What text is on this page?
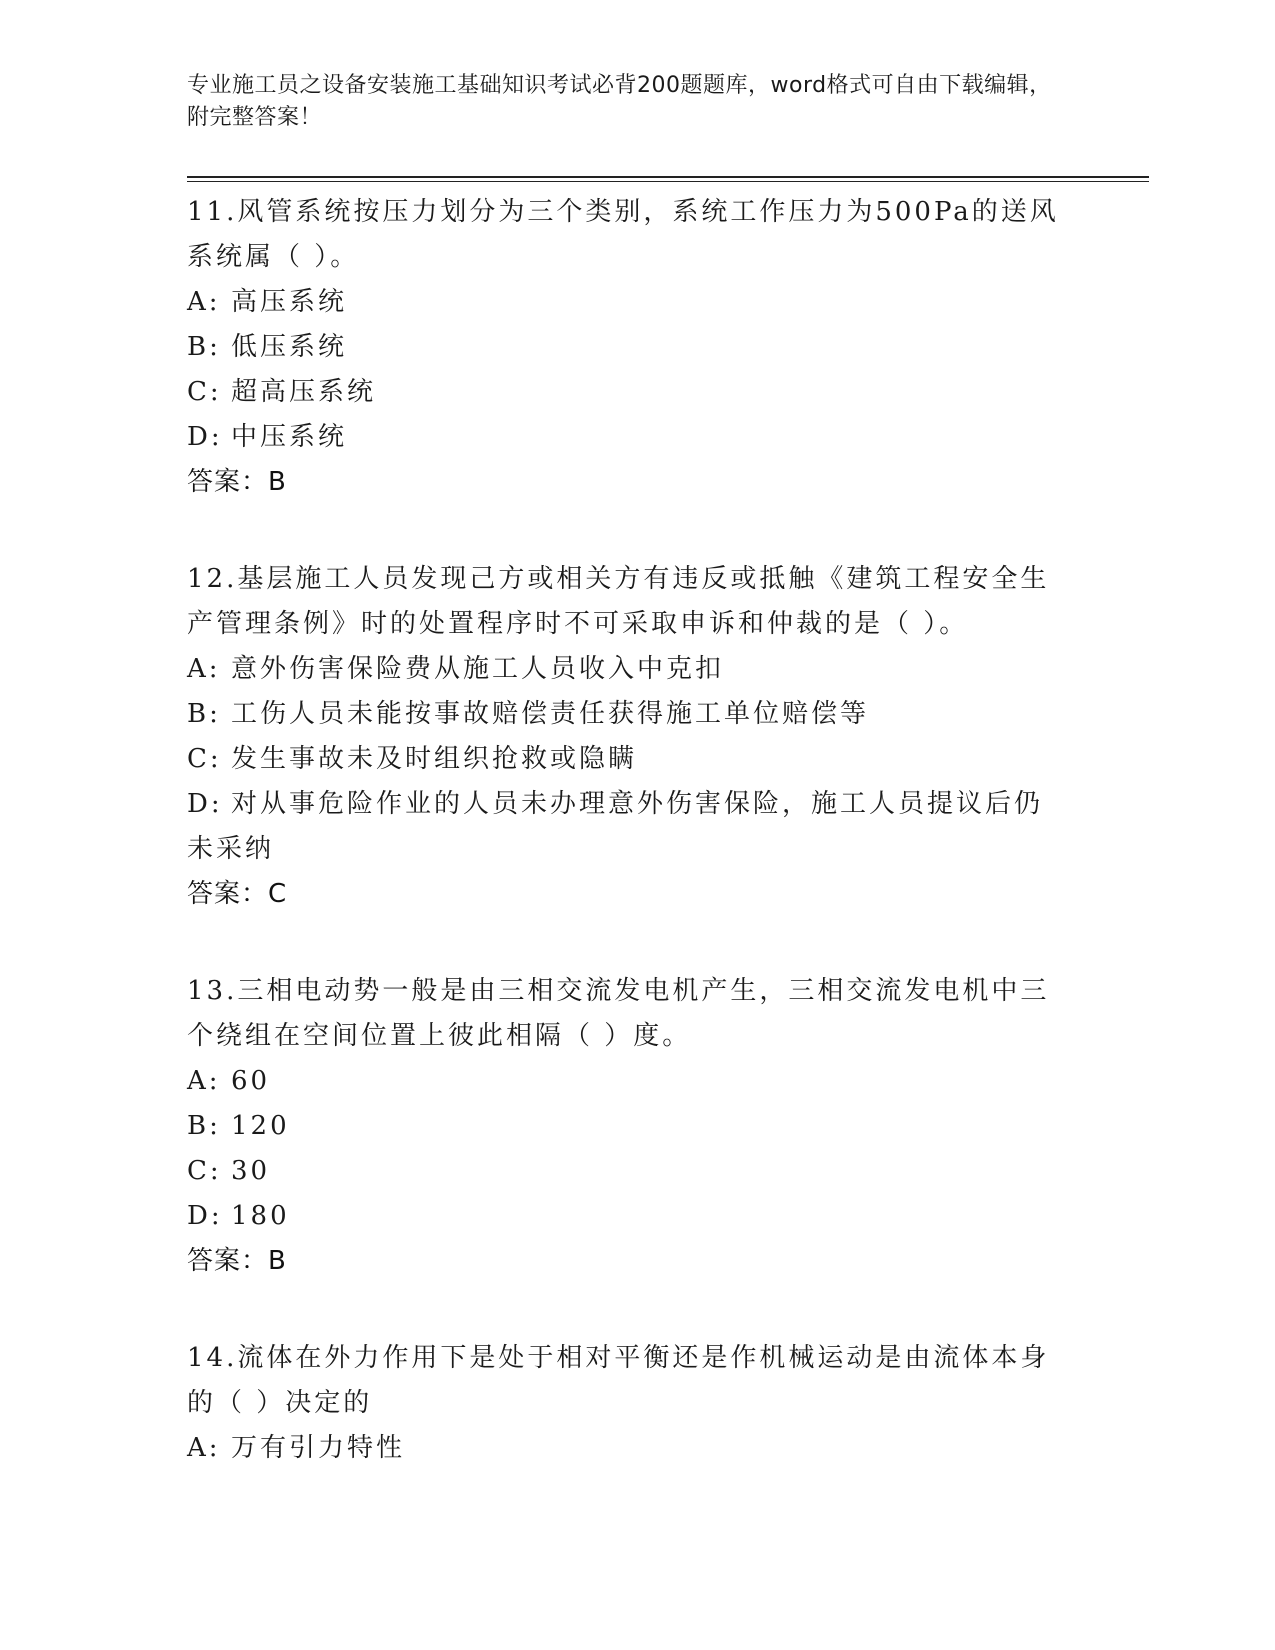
专业施工员之设备安装施工基础知识考试必背200题题库，word格式可自由下载编辑，附完整答案！
11.风管系统按压力划分为三个类别，系统工作压力为500Pa的送风系统属（ ）。
A: 高压系统
B: 低压系统
C: 超高压系统
D: 中压系统
答案：B
12.基层施工人员发现己方或相关方有违反或抵触《建筑工程安全生产管理条例》时的处置程序时不可采取申诉和仲裁的是（ ）。
A: 意外伤害保险费从施工人员收入中克扣
B: 工伤人员未能按事故赔偿责任获得施工单位赔偿等
C: 发生事故未及时组织抢救或隐瞒
D: 对从事危险作业的人员未办理意外伤害保险，施工人员提议后仍未采纳
答案：C
13.三相电动势一般是由三相交流发电机产生，三相交流发电机中三个绕组在空间位置上彼此相隔（ ）度。
A: 60
B: 120
C: 30
D: 180
答案：B
14.流体在外力作用下是处于相对平衡还是作机械运动是由流体本身的（ ）决定的
A: 万有引力特性
